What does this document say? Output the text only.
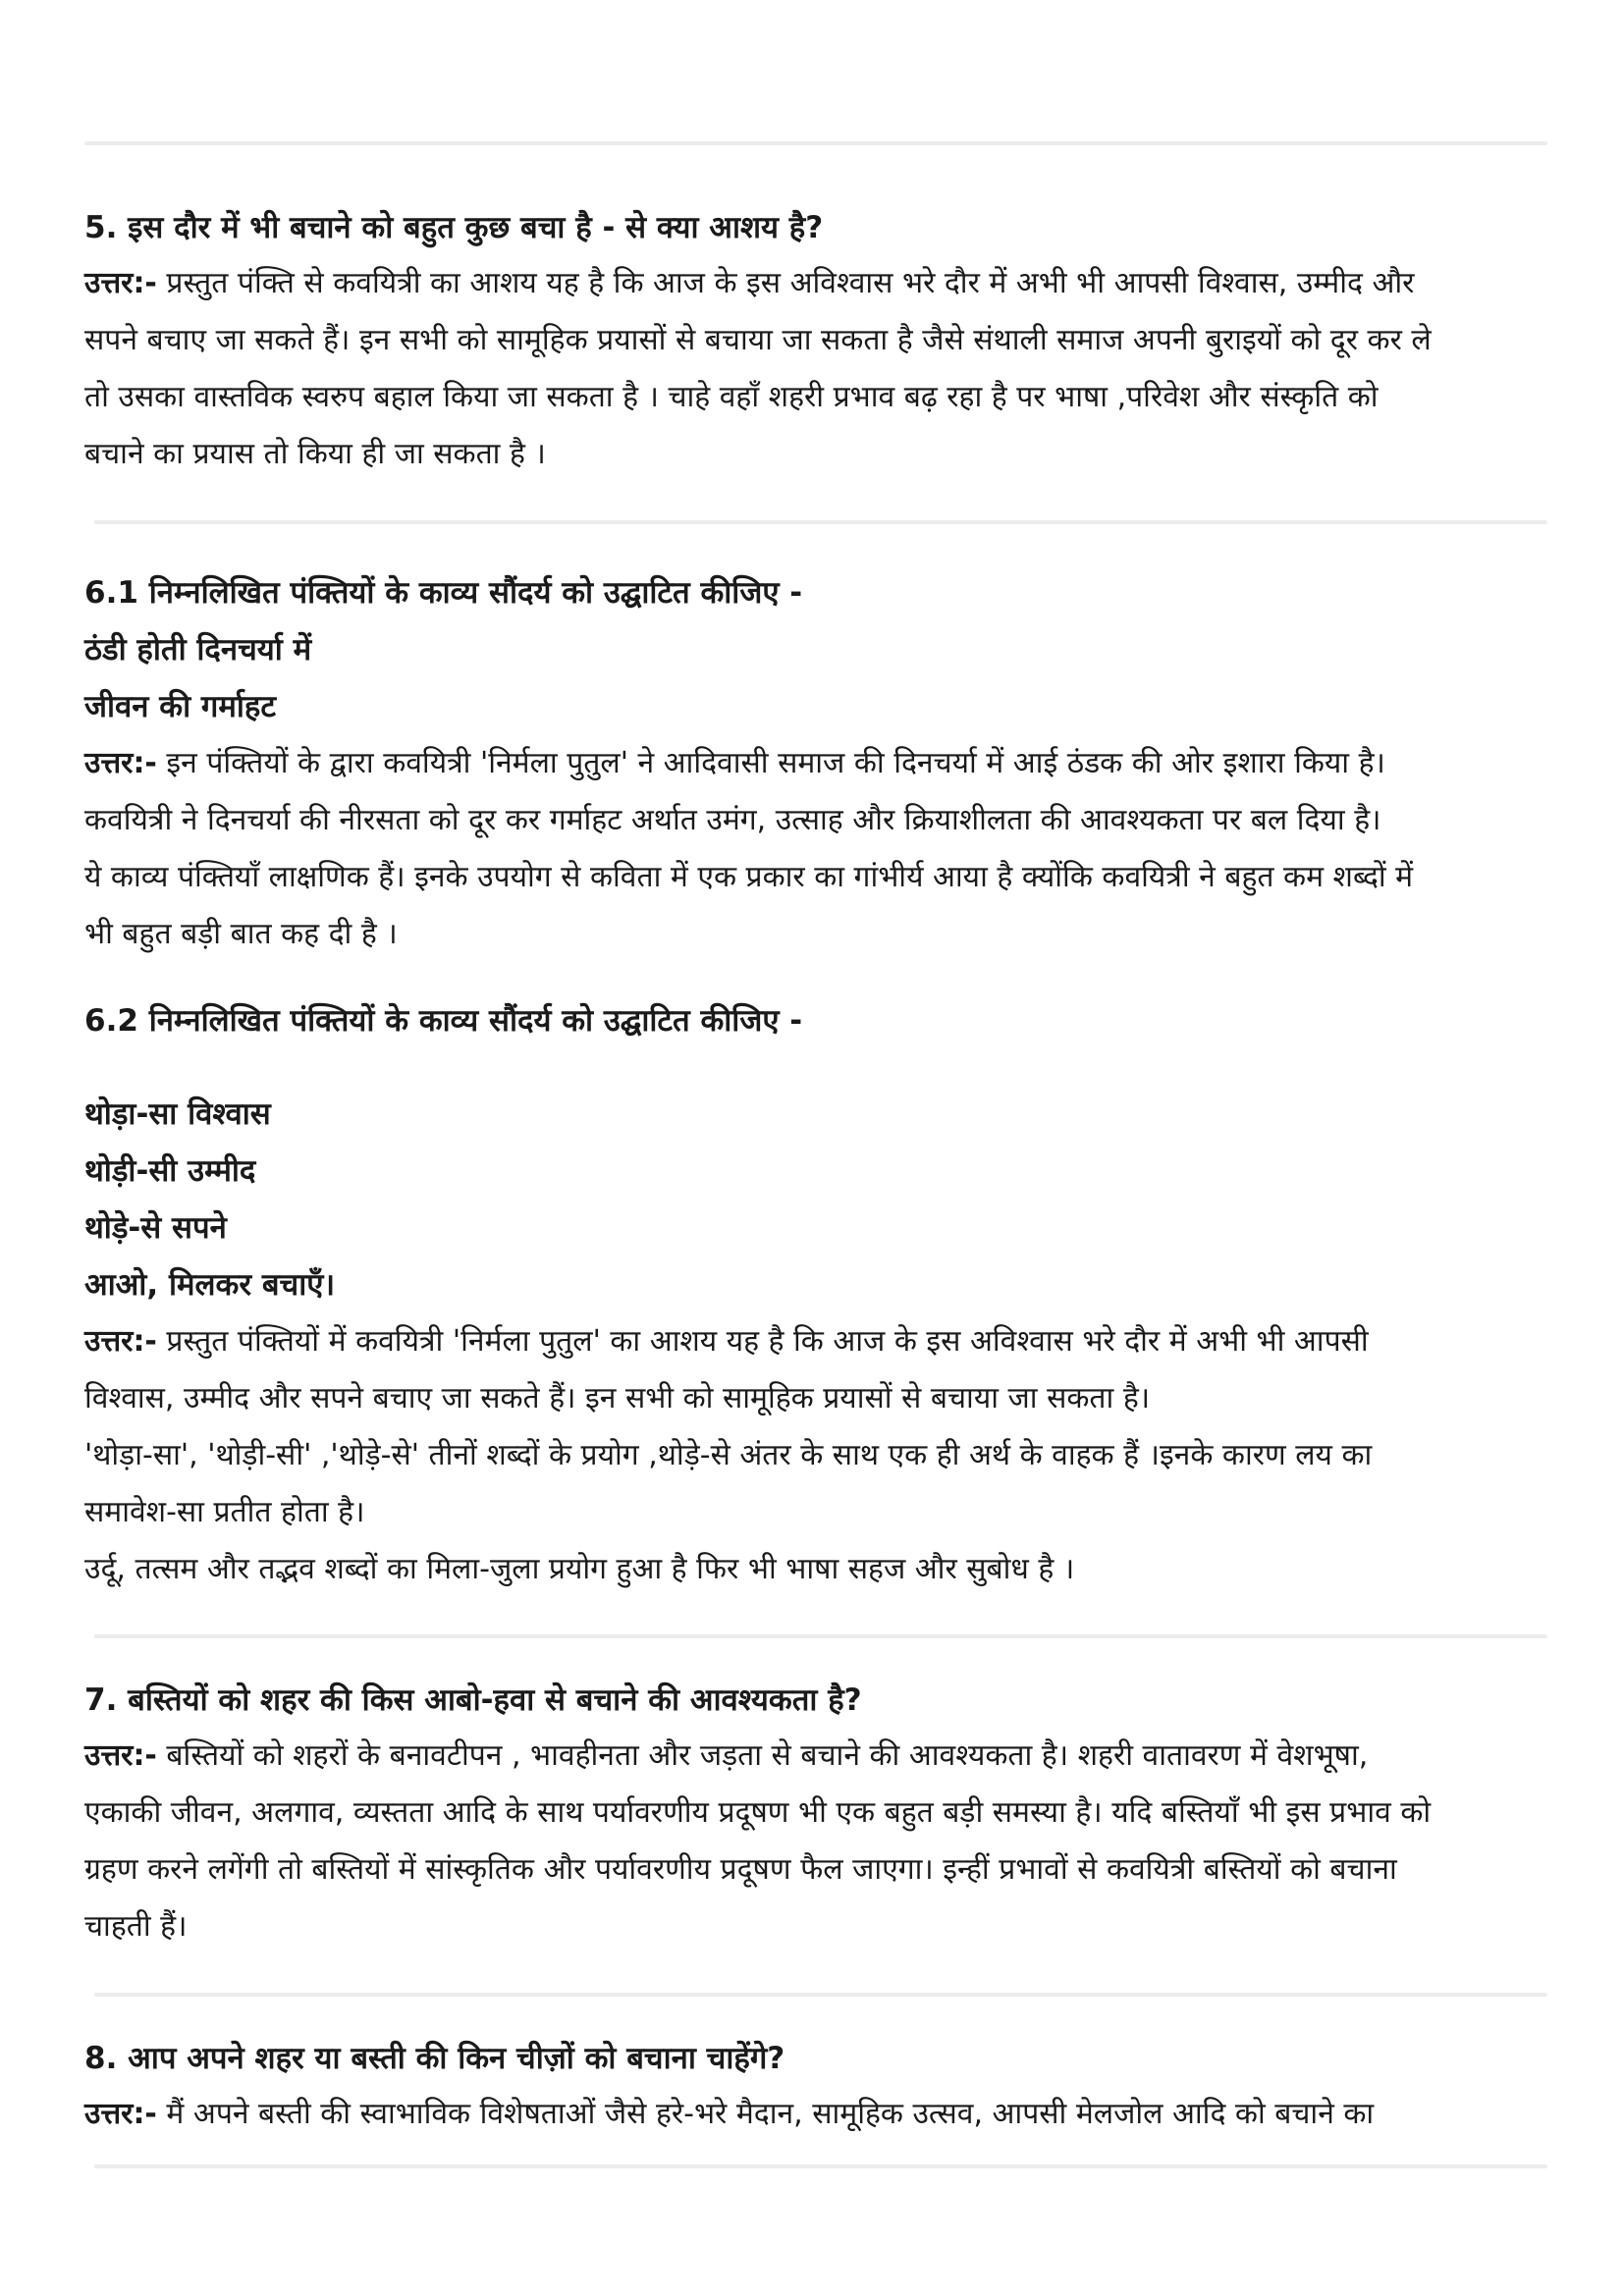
5. इस दौर में भी बचाने को बहुत कुछ बचा है - से क्या आशय है?

उत्तर:- प्रस्तुत पंक्ति से कवयित्री का आशय यह है कि आज के इस अविश्वास भरे दौर में अभी भी आपसी विश्वास, उम्मीद और
सपने बचाए जा सकते हैं। इन सभी को सामूहिक प्रयासों से बचाया जा सकता है जैसे संथाली समाज अपनी बुराइयों को दूर कर ले
तो उसका वास्तविक स्वरुप बहाल किया जा सकता है । चाहे वहाँ शहरी प्रभाव बढ़ रहा है पर भाषा ,परिवेश और संस्कृति को
बचाने का प्रयास तो किया ही जा सकता है ।

6.1 निम्नलिखित पंक्तियों के काव्य सौंदर्य को उद्घाटित कीजिए -

ठंडी होती दिनचर्या में

जीवन की गर्माहट

उत्तर:- इन पंक्तियों के द्वारा कवयित्री 'निर्मला पुतुल' ने आदिवासी समाज की दिनचर्या में आई ठंडक की ओर इशारा किया है।
कवयित्री ने दिनचर्या की नीरसता को दूर कर गर्माहट अर्थात उमंग, उत्साह और क्रियाशीलता की आवश्यकता पर बल दिया है।
ये काव्य पंक्तियाँ लाक्षणिक हैं। इनके उपयोग से कविता में एक प्रकार का गांभीर्य आया है क्योंकि कवयित्री ने बहुत कम शब्दों में
भी बहुत बड़ी बात कह दी है ।

6.2 निम्नलिखित पंक्तियों के काव्य सौंदर्य को उद्घाटित कीजिए -

थोड़ा-सा विश्वास

थोड़ी-सी उम्मीद

थोड़े-से सपने

आओ, मिलकर बचाएँ।

उत्तर:- प्रस्तुत पंक्तियों में कवयित्री 'निर्मला पुतुल' का आशय यह है कि आज के इस अविश्वास भरे दौर में अभी भी आपसी
विश्वास, उम्मीद और सपने बचाए जा सकते हैं। इन सभी को सामूहिक प्रयासों से बचाया जा सकता है।
'थोड़ा-सा', 'थोड़ी-सी' ,'थोड़े-से' तीनों शब्दों के प्रयोग ,थोड़े-से अंतर के साथ एक ही अर्थ के वाहक हैं ।इनके कारण लय का
समावेश-सा प्रतीत होता है।
उर्दू, तत्सम और तद्भव शब्दों का मिला-जुला प्रयोग हुआ है फिर भी भाषा सहज और सुबोध है ।

7. बस्तियों को शहर की किस आबो-हवा से बचाने की आवश्यकता है?

उत्तर:- बस्तियों को शहरों के बनावटीपन , भावहीनता और जड़ता से बचाने की आवश्यकता है। शहरी वातावरण में वेशभूषा,
एकाकी जीवन, अलगाव, व्यस्तता आदि के साथ पर्यावरणीय प्रदूषण भी एक बहुत बड़ी समस्या है। यदि बस्तियाँ भी इस प्रभाव को
ग्रहण करने लगेंगी तो बस्तियों में सांस्कृतिक और पर्यावरणीय प्रदूषण फैल जाएगा। इन्हीं प्रभावों से कवयित्री बस्तियों को बचाना
चाहती हैं।

8. आप अपने शहर या बस्ती की किन चीज़ों को बचाना चाहेंगे?

उत्तर:- मैं अपने बस्ती की स्वाभाविक विशेषताओं जैसे हरे-भरे मैदान, सामूहिक उत्सव, आपसी मेलजोल आदि को बचाने का
